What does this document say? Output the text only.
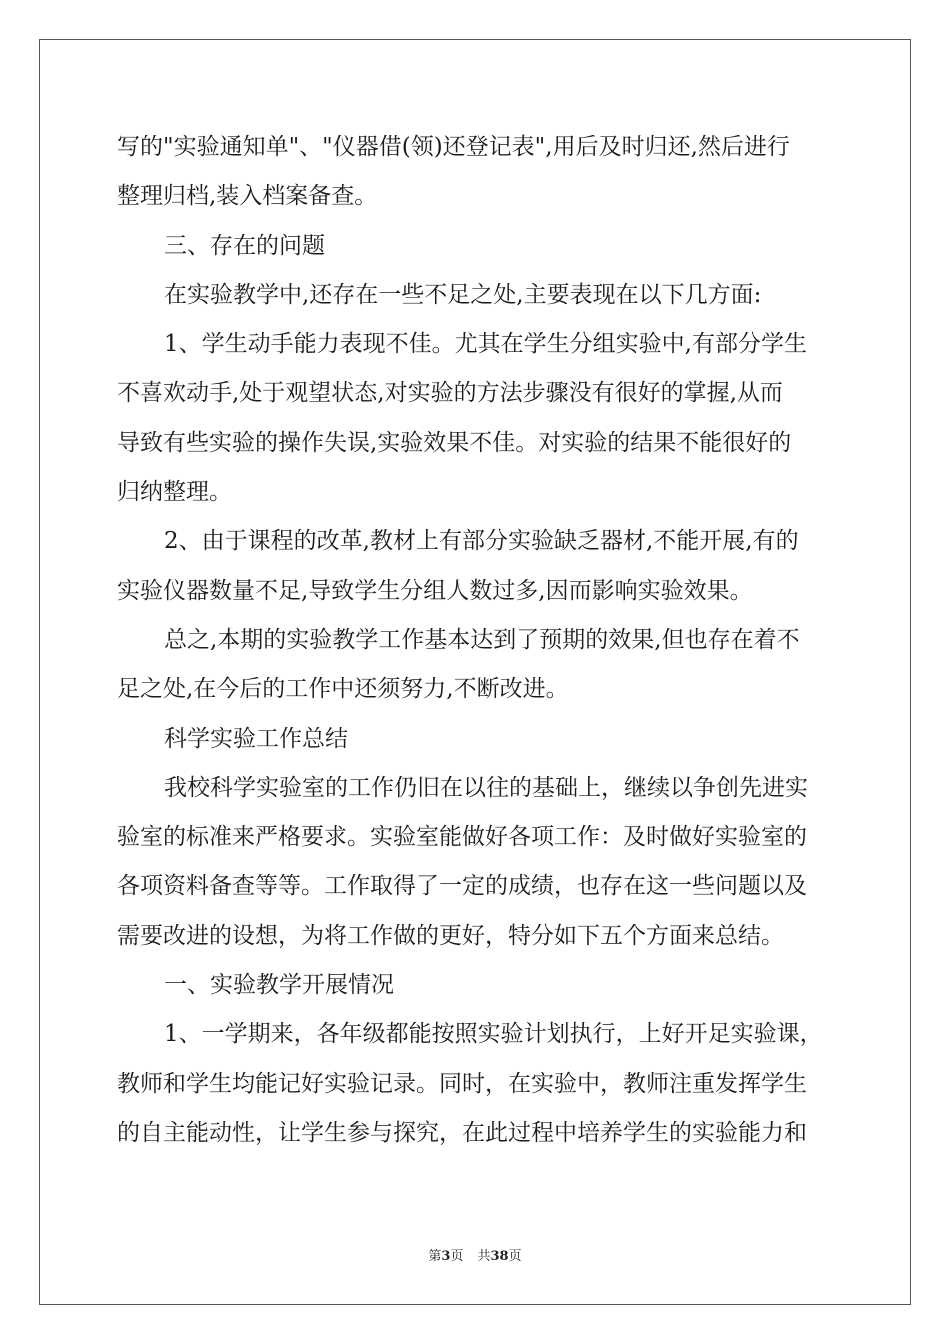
写的"实验通知单"、"仪器借(领)还登记表",用后及时归还,然后进行
整理归档,装入档案备查。
三、存在的问题
在实验教学中,还存在一些不足之处,主要表现在以下几方面:
1、学生动手能力表现不佳。尤其在学生分组实验中,有部分学生
不喜欢动手,处于观望状态,对实验的方法步骤没有很好的掌握,从而
导致有些实验的操作失误,实验效果不佳。对实验的结果不能很好的
归纳整理。
2、由于课程的改革,教材上有部分实验缺乏器材,不能开展,有的
实验仪器数量不足,导致学生分组人数过多,因而影响实验效果。
总之,本期的实验教学工作基本达到了预期的效果,但也存在着不
足之处,在今后的工作中还须努力,不断改进。
科学实验工作总结
我校科学实验室的工作仍旧在以往的基础上，继续以争创先进实
验室的标准来严格要求。实验室能做好各项工作：及时做好实验室的
各项资料备查等等。工作取得了一定的成绩，也存在这一些问题以及
需要改进的设想，为将工作做的更好，特分如下五个方面来总结。
一、实验教学开展情况
1、一学期来，各年级都能按照实验计划执行，上好开足实验课，
教师和学生均能记好实验记录。同时，在实验中，教师注重发挥学生
的自主能动性，让学生参与探究，在此过程中培养学生的实验能力和
第3页 共38页
